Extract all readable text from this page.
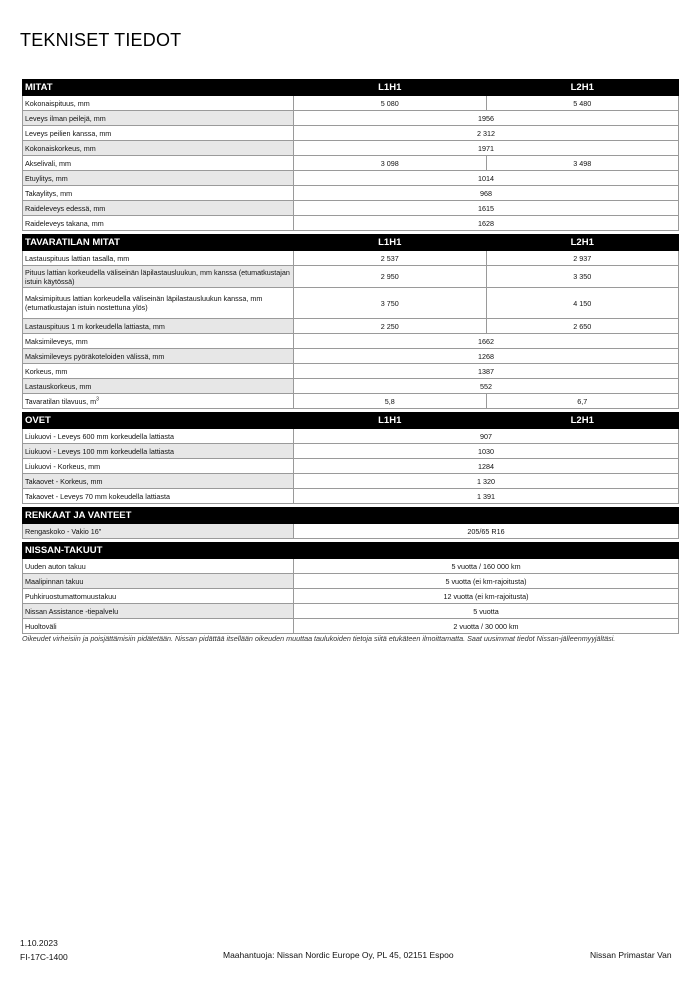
TEKNISET TIEDOT
MITAT	L1H1	L2H1
Kokonaispituus, mm	5 080	5 480
Leveys ilman peilejä, mm	1956	
Leveys peilien kanssa, mm	2 312	
Kokonaiskorkeus, mm	1971	
Akselivali, mm	3 098	3 498
Etuylitys, mm	1014	
Takaylitys, mm	968	
Raideleveys edessä, mm	1615	
Raideleveys takana, mm	1628	
TAVARATILAN MITAT	L1H1	L2H1
Lastauspituus lattian tasalla, mm	2 537	2 937
Pituus lattian korkeudella väliseinän läpilastausluukun, mm kanssa (etumatkustajan istuin käytössä)	2 950	3 350
Maksimipituus lattian korkeudella väliseinän läpilastausluukun kanssa, mm (etumatkustajan istuin nostettuna ylös)	3 750	4 150
Lastauspituus 1 m korkeudella lattiasta, mm	2 250	2 650
Maksimileveys, mm	1662	
Maksimileveys pyöräkoteloiden välissä, mm	1268	
Korkeus, mm	1387	
Lastauskorkeus, mm	552	
Tavaratilan tilavuus, $m^3$	5,8	6,7
OVET	L1H1	L2H1
Liukuovi - Leveys 600 mm korkeudella lattiasta	907	
Liukuovi - Leveys 100 mm korkeudella lattiasta	1030	
Liukuovi - Korkeus, mm	1284	
Takaovet - Korkeus, mm	1 320	
Takaovet - Leveys 70 mm kokeudella lattiasta	1 391	
RENKAAT JA VANTEET
Rengaskoko - Vakio 16"	205/65 R16
NISSAN-TAKUUT	
Uuden auton takuu	5 vuotta / 160 000 km
Maalipinnan takuu	5 vuotta (ei km-rajoitusta)
Puhkiruostumattomuustakuu	12 vuotta (ei km-rajoitusta)
Nissan Assistance -tiepalvelu	5 vuotta
Huoltoväli	2 vuotta / 30 000 km
Oikeudet virheisiin ja poisjättämisiin pidätetään. Nissan pidättää itsellään oikeuden muuttaa taulukoiden tietoja siitä etukäteen ilmoittamatta. Saat uusimmat tiedot Nissan-jälleenmyyjältäsi.
1.10.2023
FI-17C-1400	Maahantuoja: Nissan Nordic Europe Oy, PL 45, 02151 Espoo	Nissan Primastar Van
